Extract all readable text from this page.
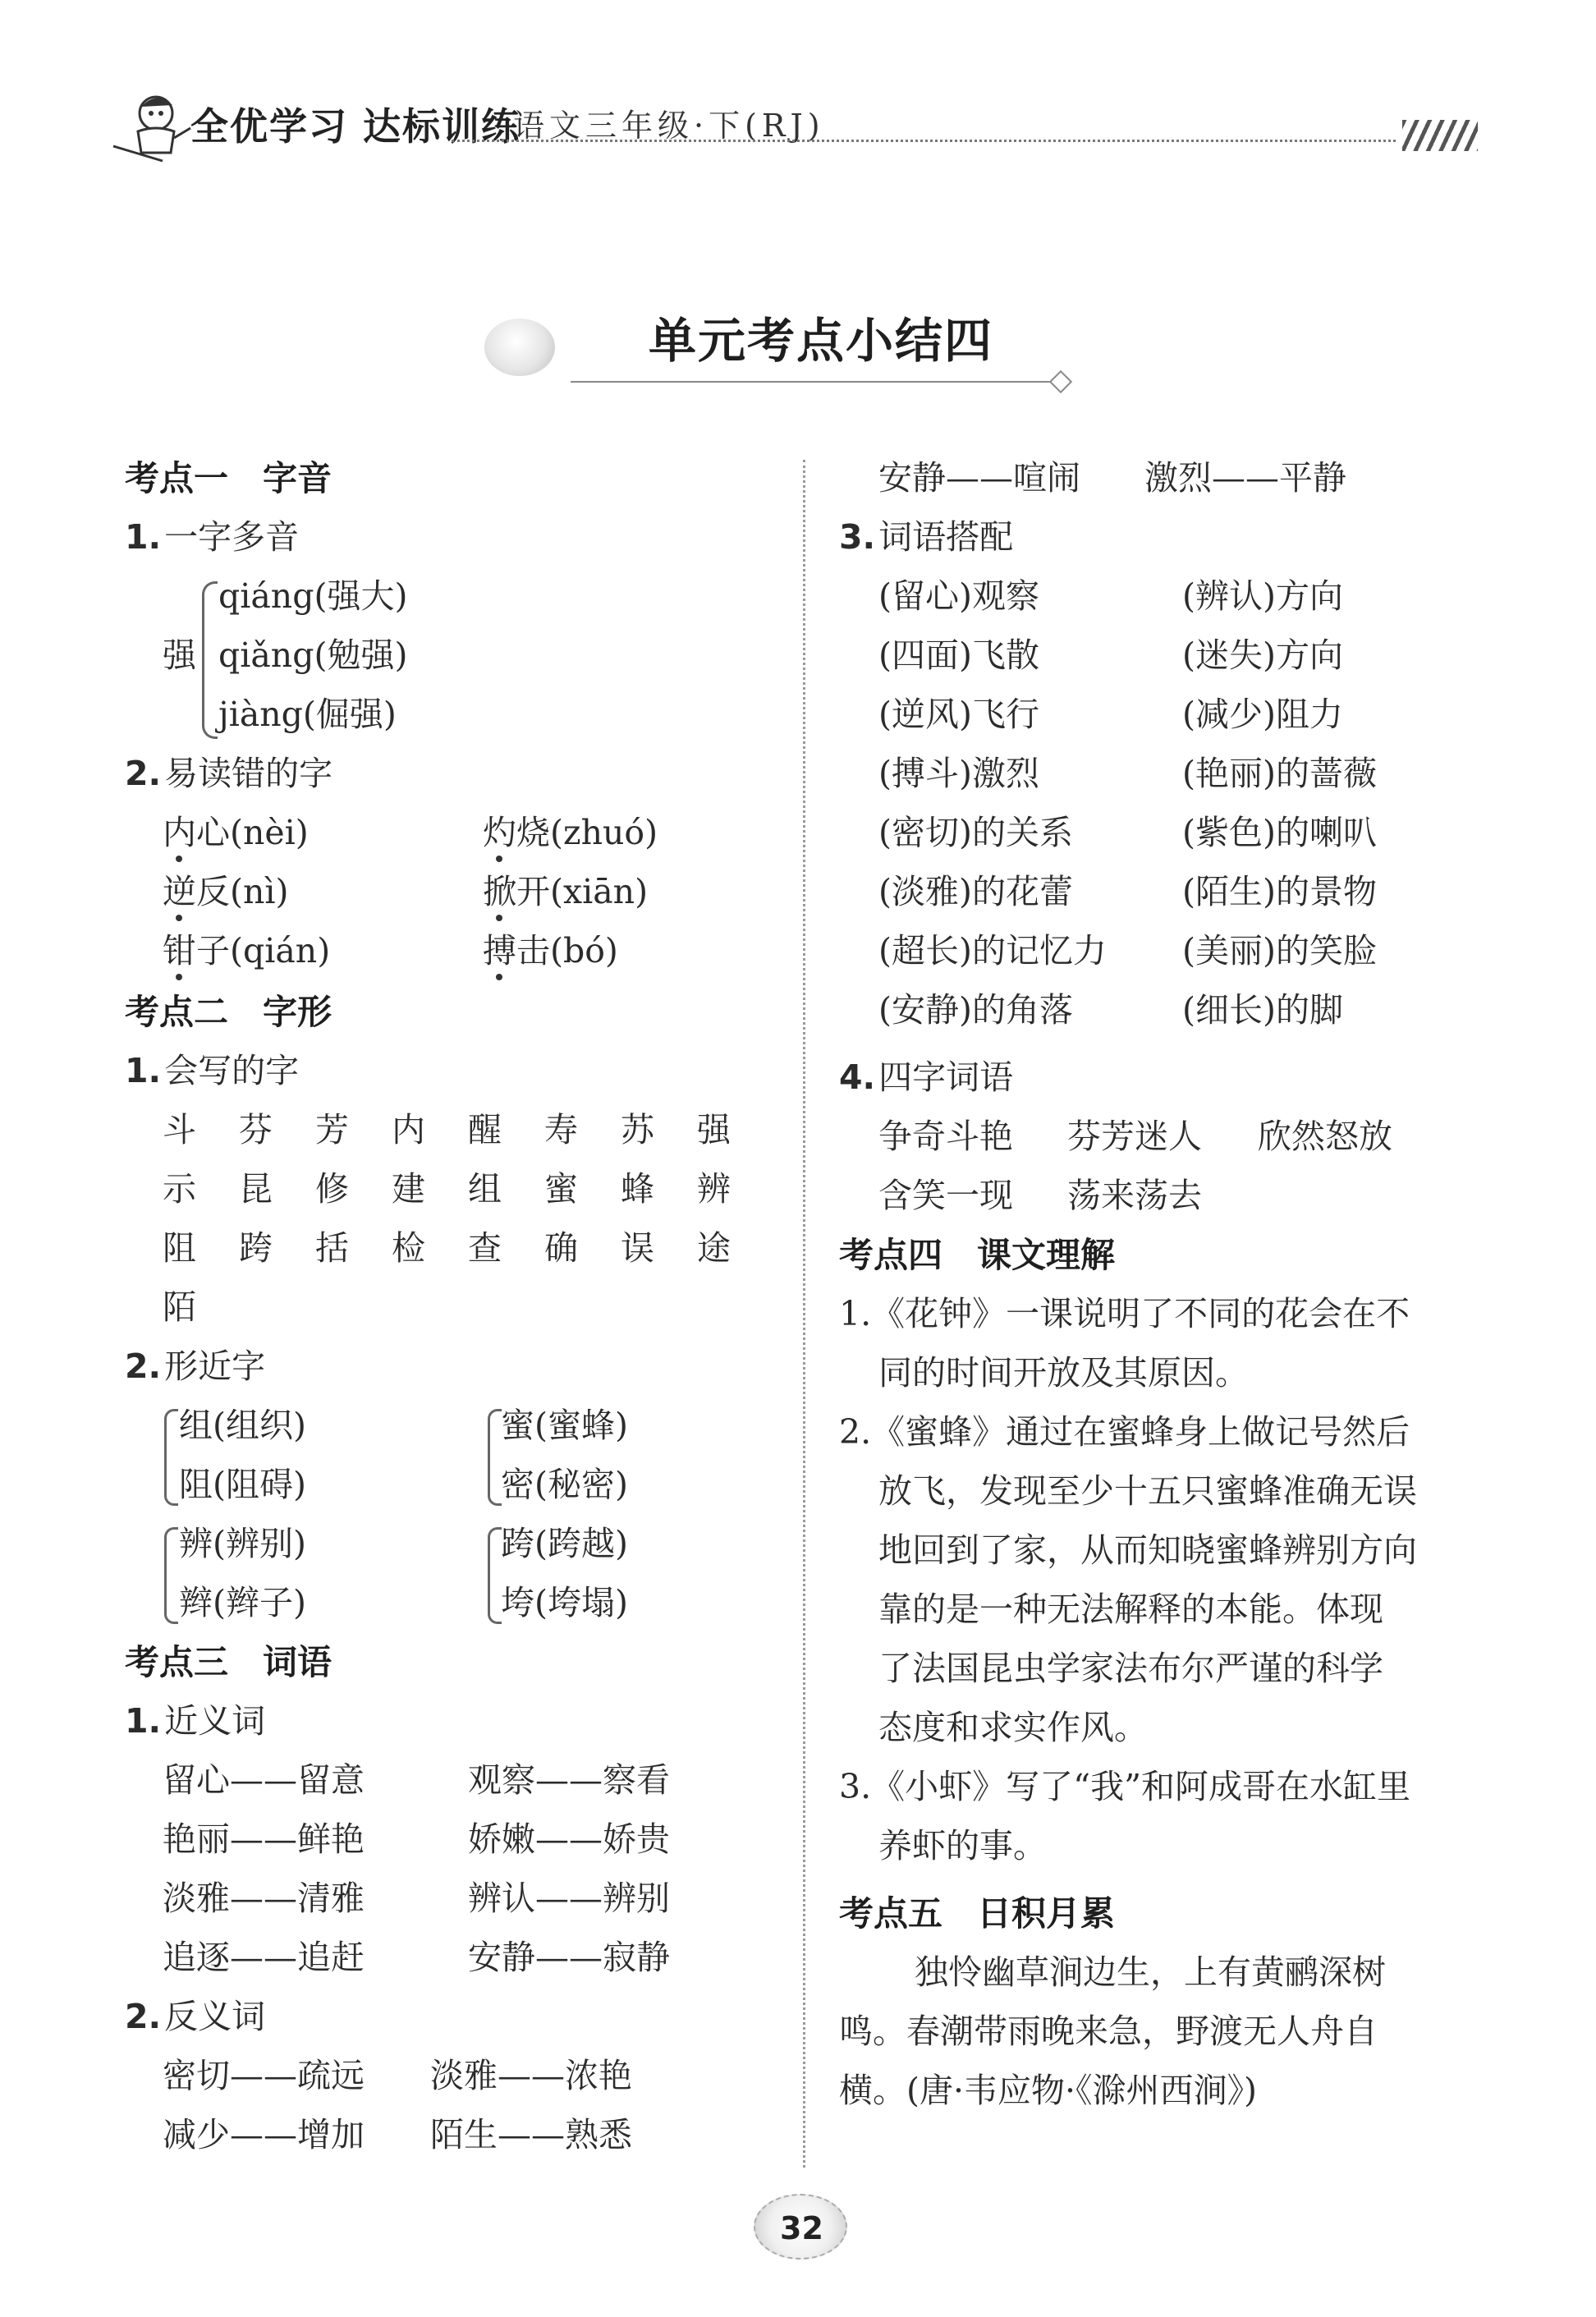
全优学习 达标训练
语文三年级·下(RJ)
单元考点小结四
考点一　字音
1.一字多音
强
qiáng(强大)
qiǎng(勉强)
jiàng(倔强)
2.易读错的字
内心(nèi)	灼烧(zhuó)
逆反(nì)	掀开(xiān)
钳子(qián)	搏击(bó)
考点二　字形
1.会写的字
斗 芬 芳 内 醒 寿 苏 强
示 昆 修 建 组 蜜 蜂 辨
阻 跨 括 检 查 确 误 途
陌
2.形近字
组(组织)
阻(阻碍)
蜜(蜜蜂)
密(秘密)
辨(辨别)
辫(辫子)
跨(跨越)
垮(垮塌)
考点三　词语
1.近义词
留心——留意	观察——察看
艳丽——鲜艳	娇嫩——娇贵
淡雅——清雅	辨认——辨别
追逐——追赶	安静——寂静
2.反义词
密切——疏远 淡雅——浓艳
减少——增加 陌生——熟悉
安静——喧闹 激烈——平静
3.词语搭配
(留心)观察	(辨认)方向
(四面)飞散	(迷失)方向
(逆风)飞行	(减少)阻力
(搏斗)激烈	(艳丽)的蔷薇
(密切)的关系	(紫色)的喇叭
(淡雅)的花蕾	(陌生)的景物
(超长)的记忆力 (美丽)的笑脸
(安静)的角落	(细长)的脚
4.四字词语
争奇斗艳 芬芳迷人 欣然怒放
含笑一现 荡来荡去
考点四　课文理解
1.《花钟》一课说明了不同的花会在不
同的时间开放及其原因。
2.《蜜蜂》通过在蜜蜂身上做记号然后
放飞，发现至少十五只蜜蜂准确无误
地回到了家，从而知晓蜜蜂辨别方向
靠的是一种无法解释的本能。体现
了法国昆虫学家法布尔严谨的科学
态度和求实作风。
3.《小虾》写了“我”和阿成哥在水缸里
养虾的事。
考点五　日积月累
独怜幽草涧边生，上有黄鹂深树
鸣。春潮带雨晚来急，野渡无人舟自
横。(唐·韦应物·《滁州西涧》)
32
